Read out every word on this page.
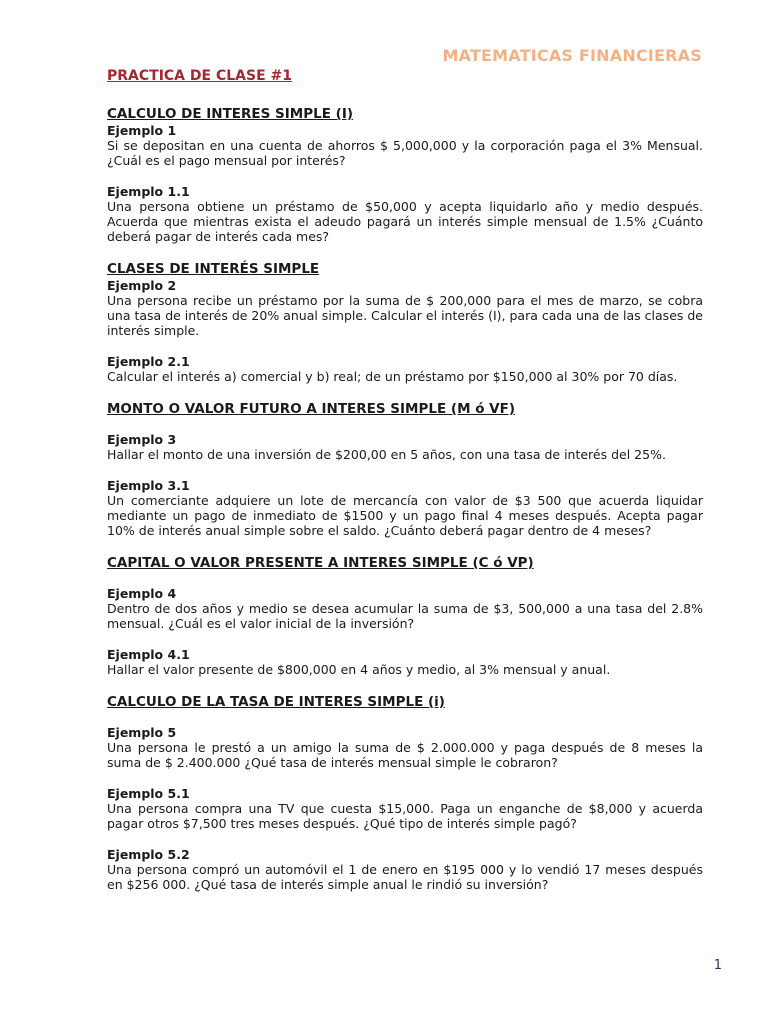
MATEMATICAS FINANCIERAS
PRACTICA DE CLASE #1
CALCULO DE INTERES SIMPLE (I)
Ejemplo 1
Si se depositan en una cuenta de ahorros $ 5,000,000 y la corporación paga el 3% Mensual. ¿Cuál es el pago mensual por interés?
Ejemplo 1.1
Una persona obtiene un préstamo de $50,000 y acepta liquidarlo año y medio después. Acuerda que mientras exista el adeudo pagará un interés simple mensual de 1.5% ¿Cuánto deberá pagar de interés cada mes?
CLASES DE INTERÉS SIMPLE
Ejemplo 2
Una persona recibe un préstamo por la suma de $ 200,000 para el mes de marzo, se cobra una tasa de interés de 20% anual simple. Calcular el interés (I), para cada una de las clases de interés simple.
Ejemplo 2.1
Calcular el interés a) comercial y b) real; de un préstamo por $150,000 al 30% por 70 días.
MONTO O VALOR FUTURO A INTERES SIMPLE (M ó VF)
Ejemplo 3
Hallar el monto de una inversión de $200,00 en 5 años, con una tasa de interés del 25%.
Ejemplo 3.1
Un comerciante adquiere un lote de mercancía con valor de $3 500 que acuerda liquidar mediante un pago de inmediato de $1500 y un pago final 4 meses después. Acepta pagar 10% de interés anual simple sobre el saldo. ¿Cuánto deberá pagar dentro de 4 meses?
CAPITAL O VALOR PRESENTE A INTERES SIMPLE (C ó VP)
Ejemplo 4
Dentro de dos años y medio se desea acumular la suma de $3, 500,000 a una tasa del 2.8% mensual. ¿Cuál es el valor inicial de la inversión?
Ejemplo 4.1
Hallar el valor presente de $800,000 en 4 años y medio, al 3% mensual y anual.
CALCULO DE LA TASA DE INTERES SIMPLE (i)
Ejemplo 5
Una persona le prestó a un amigo la suma de $ 2.000.000 y paga después de 8 meses la suma de $ 2.400.000 ¿Qué tasa de interés mensual simple le cobraron?
Ejemplo 5.1
Una persona compra una TV que cuesta $15,000. Paga un enganche de $8,000 y acuerda pagar otros $7,500 tres meses después. ¿Qué tipo de interés simple pagó?
Ejemplo 5.2
Una persona compró un automóvil el 1 de enero en $195 000 y lo vendió 17 meses después en $256 000. ¿Qué tasa de interés simple anual le rindió su inversión?
1
